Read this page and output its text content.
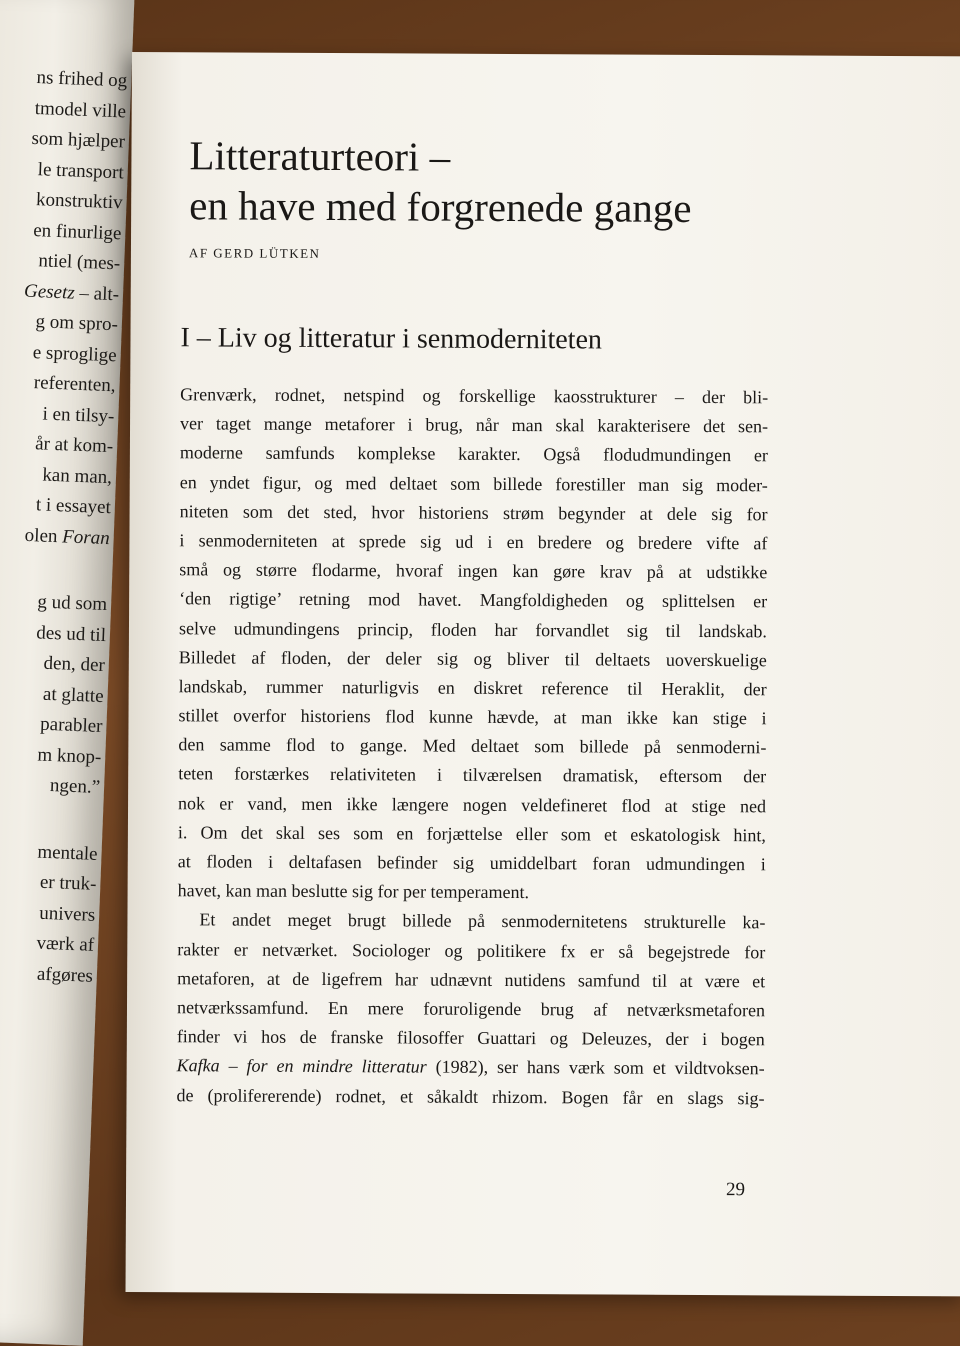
ns frihed og
tmodel ville
som hjælper
le transport
konstruktiv
en finurlige
ntiel (mes-
Gesetz – alt-
g om spro-
e sproglige
referenten,
i en tilsy-
år at kom-
kan man,
t i essayet
olen Foran
g ud som
des ud til
den, der
at glatte
parabler
m knop-
ngen.”
mentale
er truk-
univers
værk af
afgøres
Litteraturteori –
en have med forgrenede gange
AF GERD LÜTKEN
I – Liv og litteratur i senmoderniteten
Grenværk, rodnet, netspind og forskellige kaosstrukturer – der bli-
ver taget mange metaforer i brug, når man skal karakterisere det sen-
moderne samfunds komplekse karakter. Også flodudmundingen er
en yndet figur, og med deltaet som billede forestiller man sig moder-
niteten som det sted, hvor historiens strøm begynder at dele sig for
i senmoderniteten at sprede sig ud i en bredere og bredere vifte af
små og større flodarme, hvoraf ingen kan gøre krav på at udstikke
‘den rigtige’ retning mod havet. Mangfoldigheden og splittelsen er
selve udmundingens princip, floden har forvandlet sig til landskab.
Billedet af floden, der deler sig og bliver til deltaets uoverskuelige
landskab, rummer naturligvis en diskret reference til Heraklit, der
stillet overfor historiens flod kunne hævde, at man ikke kan stige i
den samme flod to gange. Med deltaet som billede på senmoderni-
teten forstærkes relativiteten i tilværelsen dramatisk, eftersom der
nok er vand, men ikke længere nogen veldefineret flod at stige ned
i. Om det skal ses som en forjættelse eller som et eskatologisk hint,
at floden i deltafasen befinder sig umiddelbart foran udmundingen i
havet, kan man beslutte sig for per temperament.
Et andet meget brugt billede på senmodernitetens strukturelle ka-
rakter er netværket. Sociologer og politikere fx er så begejstrede for
metaforen, at de ligefrem har udnævnt nutidens samfund til at være et
netværkssamfund. En mere foruroligende brug af netværksmetaforen
finder vi hos de franske filosoffer Guattari og Deleuzes, der i bogen
Kafka – for en mindre litteratur (1982), ser hans værk som et vildtvoksen-
de (prolifererende) rodnet, et såkaldt rhizom. Bogen får en slags sig-
29
